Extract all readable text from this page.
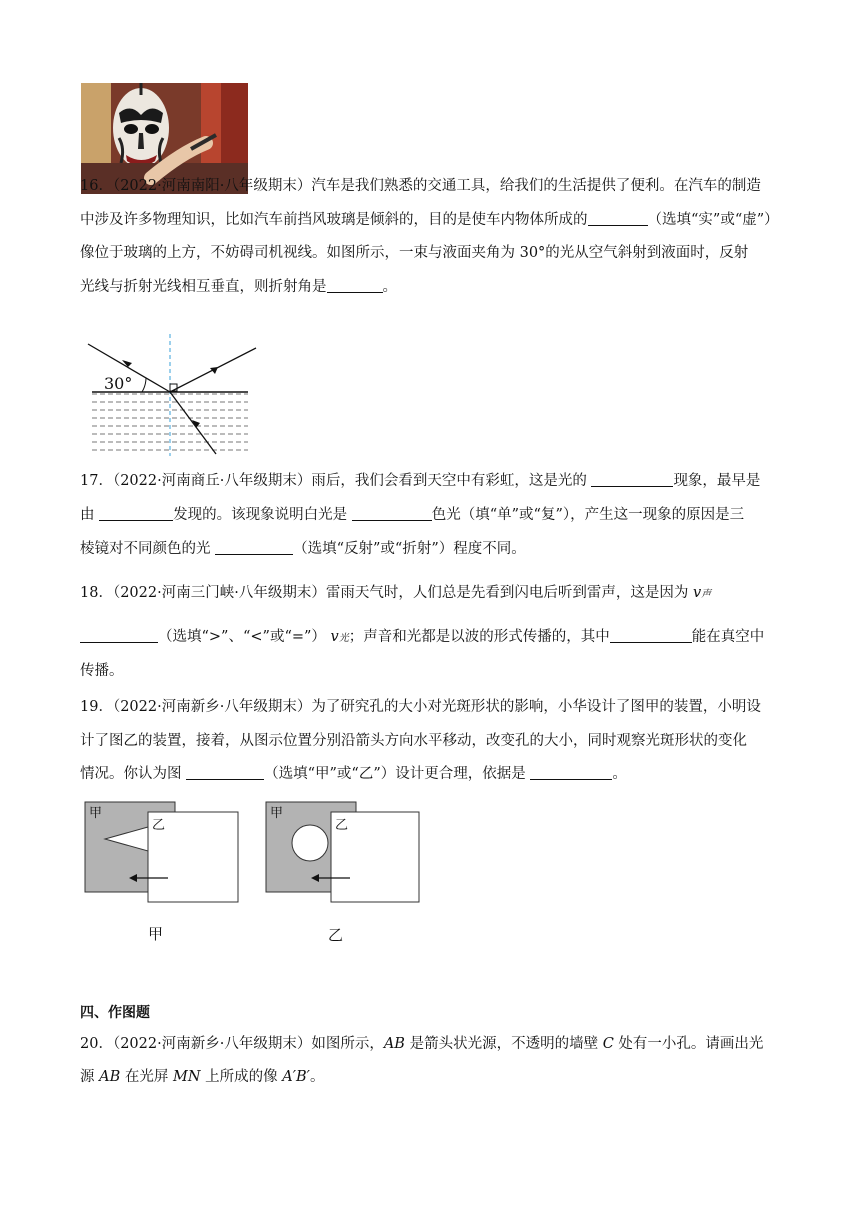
16．（2022·河南南阳·八年级期末）汽车是我们熟悉的交通工具，给我们的生活提供了便利。在汽车的制造
中涉及许多物理知识，比如汽车前挡风玻璃是倾斜的，目的是使车内物体所成的	（选填“实”或“虚”）
像位于玻璃的上方，不妨碍司机视线。如图所示，一束与液面夹角为 30°的光从空气斜射到液面时，反射
光线与折射光线相互垂直，则折射角是	。
30°
17．（2022·河南商丘·八年级期末）雨后，我们会看到天空中有彩虹，这是光的	现象，最早是
由	发现的。该现象说明白光是	色光（填“单”或“复”），产生这一现象的原因是三
棱镜对不同颜色的光	（选填“反射”或“折射”）程度不同。
18．（2022·河南三门峡·八年级期末）雷雨天气时，人们总是先看到闪电后听到雷声，这是因为 v声
（选填“>”、“<”或“=”） v光；声音和光都是以波的形式传播的，其中	能在真空中
传播。
19．（2022·河南新乡·八年级期末）为了研究孔的大小对光斑形状的影响，小华设计了图甲的装置，小明设
计了图乙的装置，接着，从图示位置分别沿箭头方向水平移动，改变孔的大小，同时观察光斑形状的变化
情况。你认为图	（选填“甲”或“乙”）设计更合理，依据是	。
甲
乙
甲
乙
甲	乙
四、作图题
20．（2022·河南新乡·八年级期末）如图所示，AB 是箭头状光源，不透明的墙壁 C 处有一小孔。请画出光
源 AB 在光屏 MN 上所成的像 A′B′。
